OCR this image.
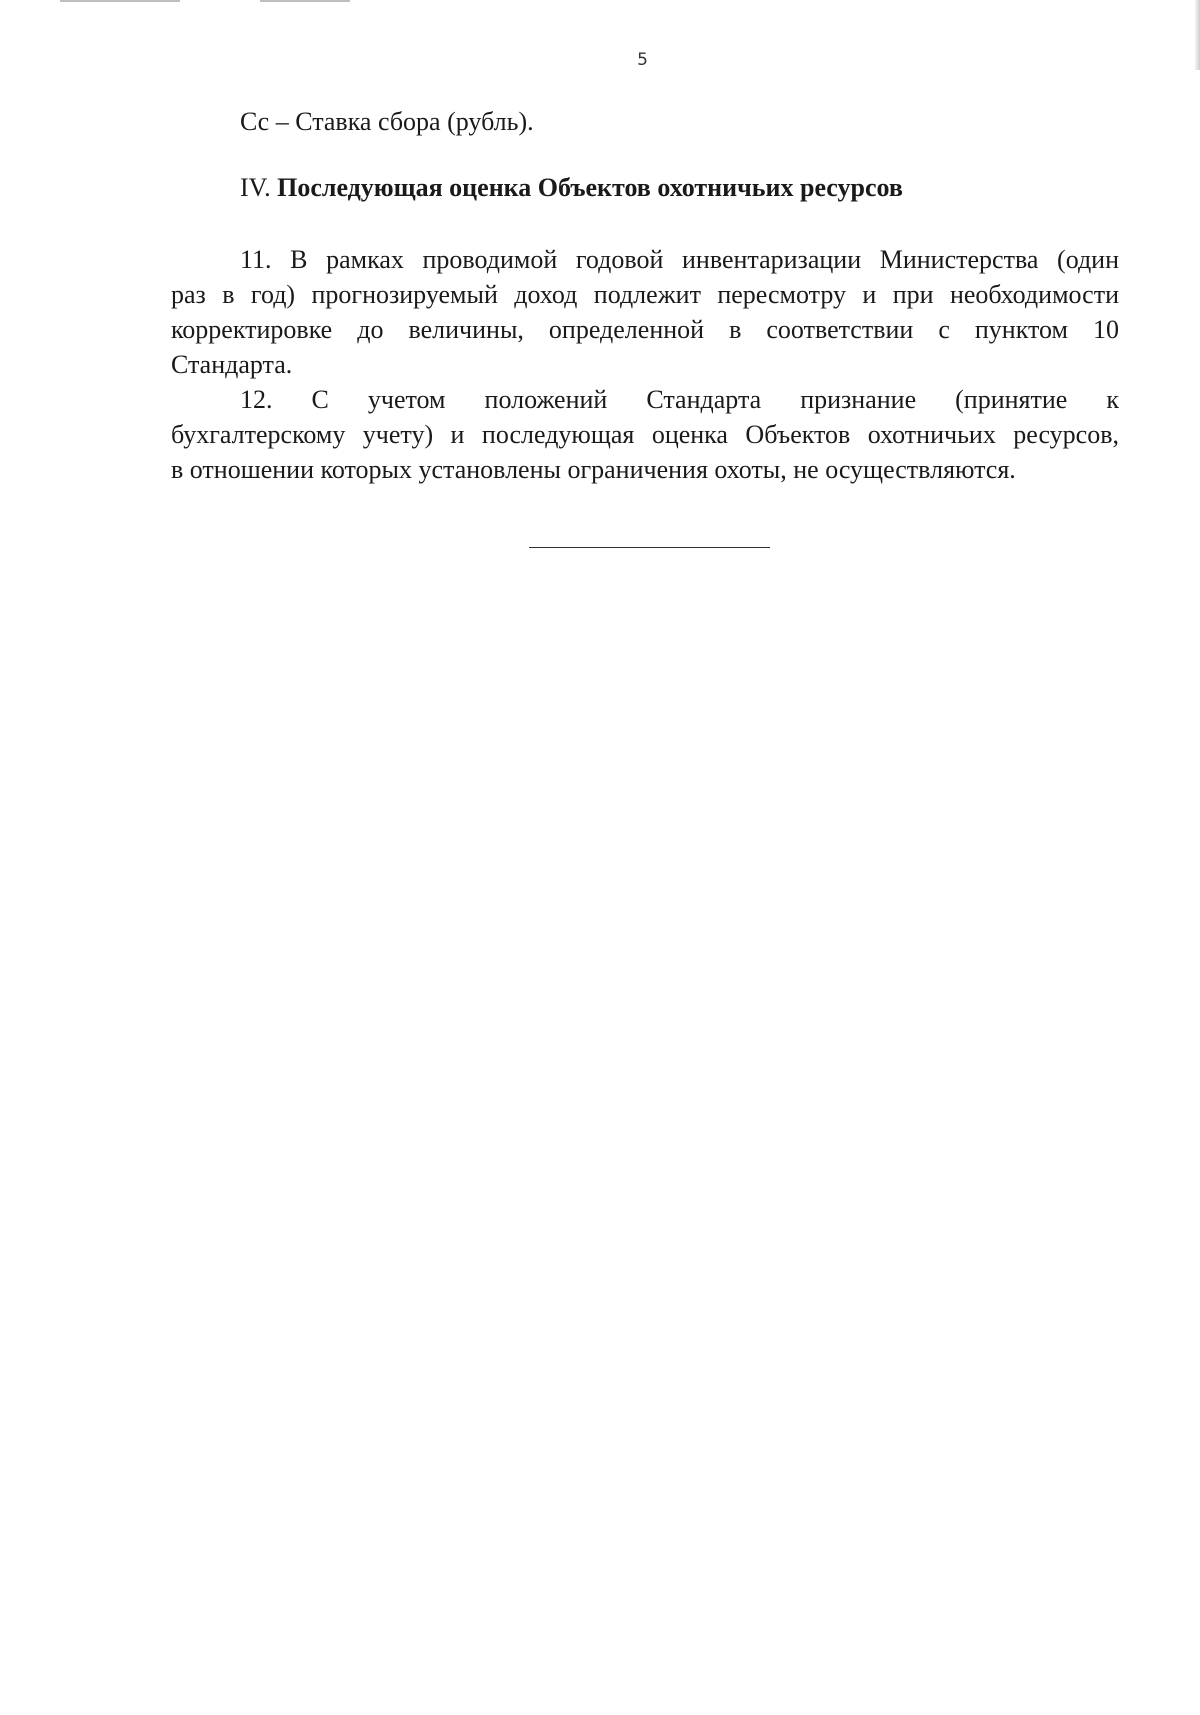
5
Сс – Ставка сбора (рубль).
IV. Последующая оценка Объектов охотничьих ресурсов
11. В рамках проводимой годовой инвентаризации Министерства (один
раз в год) прогнозируемый доход подлежит пересмотру и при необходимости
корректировке до величины, определенной в соответствии с пунктом 10
Стандарта.
12. С учетом положений Стандарта признание (принятие к
бухгалтерскому учету) и последующая оценка Объектов охотничьих ресурсов,
в отношении которых установлены ограничения охоты, не осуществляются.
